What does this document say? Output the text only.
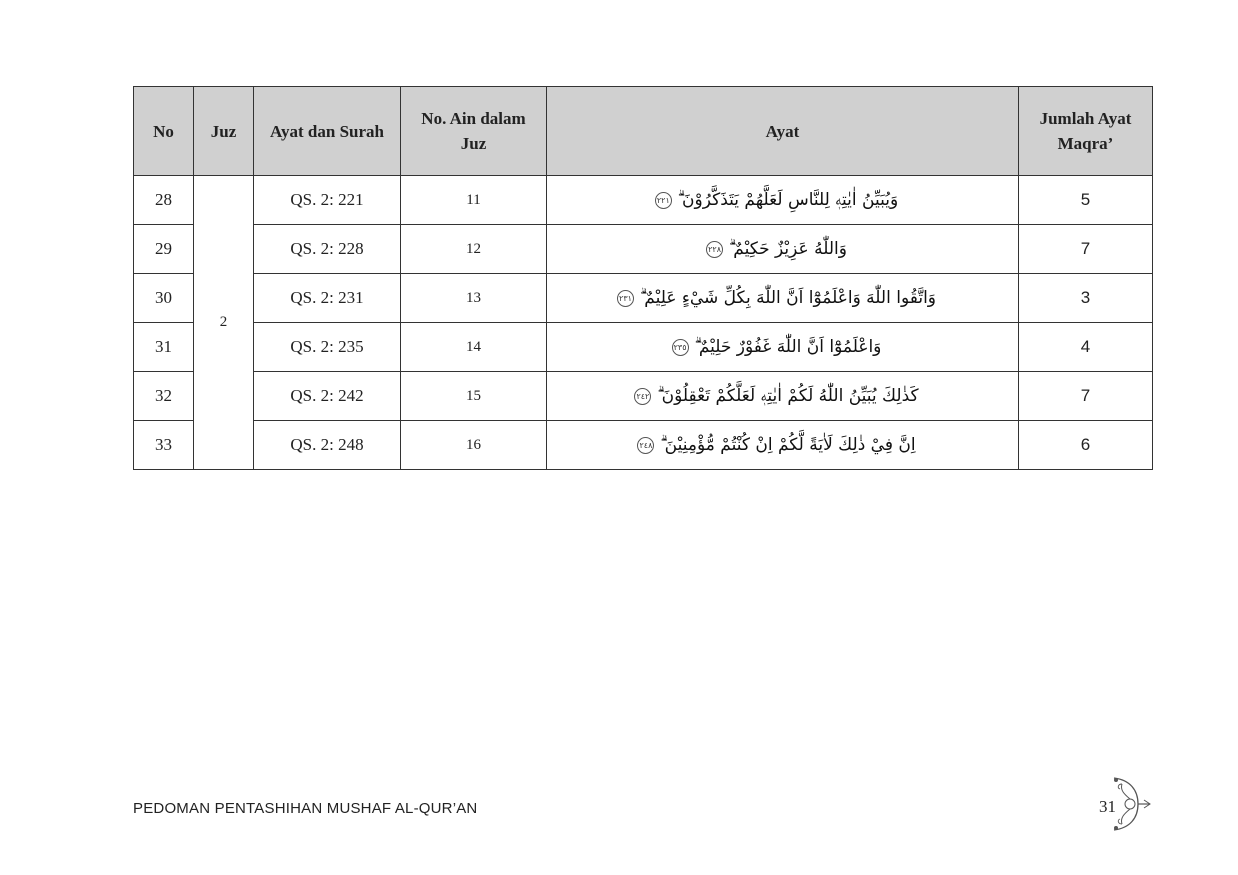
No	Juz	Ayat dan Surah	No. Ain dalam Juz	Ayat	Jumlah Ayat Maqra’
28	2	QS. 2: 221	11	وَيُبَيِّنُ اٰيٰتِهٖ لِلنَّاسِ لَعَلَّهُمْ يَتَذَكَّرُوْنَ ۗ٢٢١	5
29		QS. 2: 228	12	وَاللّٰهُ عَزِيْزٌ حَكِيْمٌ ۗ٢٢٨	7
30		QS. 2: 231	13	وَاتَّقُوا اللّٰهَ وَاعْلَمُوْٓا اَنَّ اللّٰهَ بِكُلِّ شَيْءٍ عَلِيْمٌ ۗ٢٣١	3
31		QS. 2: 235	14	وَاعْلَمُوْٓا اَنَّ اللّٰهَ غَفُوْرٌ حَلِيْمٌ ۗ٢٣٥	4
32		QS. 2: 242	15	كَذٰلِكَ يُبَيِّنُ اللّٰهُ لَكُمْ اٰيٰتِهٖ لَعَلَّكُمْ تَعْقِلُوْنَ ۗ٢٤٢	7
33		QS. 2: 248	16	اِنَّ فِيْ ذٰلِكَ لَاٰيَةً لَّكُمْ اِنْ كُنْتُمْ مُّؤْمِنِيْنَ ۗ٢٤٨	6
PEDOMAN PENTASHIHAN MUSHAF AL-QUR’AN	31
